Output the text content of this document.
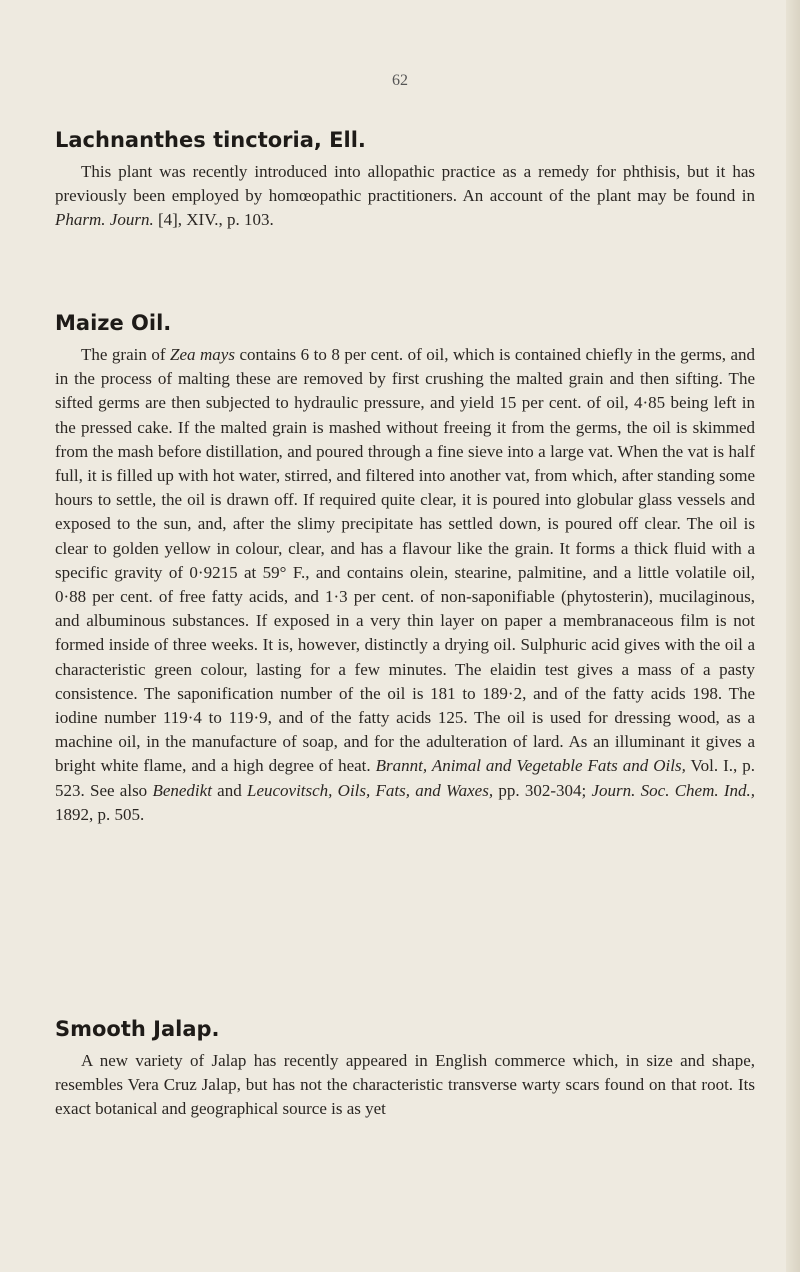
62
Lachnanthes tinctoria, Ell.

This plant was recently introduced into allopathic practice as a remedy for phthisis, but it has previously been employed by homœopathic practitioners. An account of the plant may be found in Pharm. Journ. [4], XIV., p. 103.

Maize Oil.

The grain of Zea mays contains 6 to 8 per cent. of oil, which is contained chiefly in the germs, and in the process of malting these are removed by first crushing the malted grain and then sifting. The sifted germs are then subjected to hydraulic pressure, and yield 15 per cent. of oil, 4·85 being left in the pressed cake. If the malted grain is mashed without freeing it from the germs, the oil is skimmed from the mash before distillation, and poured through a fine sieve into a large vat. When the vat is half full, it is filled up with hot water, stirred, and filtered into another vat, from which, after standing some hours to settle, the oil is drawn off. If required quite clear, it is poured into globular glass vessels and exposed to the sun, and, after the slimy precipitate has settled down, is poured off clear. The oil is clear to golden yellow in colour, clear, and has a flavour like the grain. It forms a thick fluid with a specific gravity of 0·9215 at 59° F., and contains olein, stearine, palmitine, and a little volatile oil, 0·88 per cent. of free fatty acids, and 1·3 per cent. of non-saponifiable (phytosterin), mucilaginous, and albuminous substances. If exposed in a very thin layer on paper a membranaceous film is not formed inside of three weeks. It is, however, distinctly a drying oil. Sulphuric acid gives with the oil a characteristic green colour, lasting for a few minutes. The elaidin test gives a mass of a pasty consistence. The saponification number of the oil is 181 to 189·2, and of the fatty acids 198. The iodine number 119·4 to 119·9, and of the fatty acids 125. The oil is used for dressing wood, as a machine oil, in the manufacture of soap, and for the adulteration of lard. As an illuminant it gives a bright white flame, and a high degree of heat. Brannt, Animal and Vegetable Fats and Oils, Vol. I., p. 523. See also Benedikt and Leucovitsch, Oils, Fats, and Waxes, pp. 302-304; Journ. Soc. Chem. Ind., 1892, p. 505.

Smooth Jalap.

A new variety of Jalap has recently appeared in English commerce which, in size and shape, resembles Vera Cruz Jalap, but has not the characteristic transverse warty scars found on that root. Its exact botanical and geographical source is as yet
